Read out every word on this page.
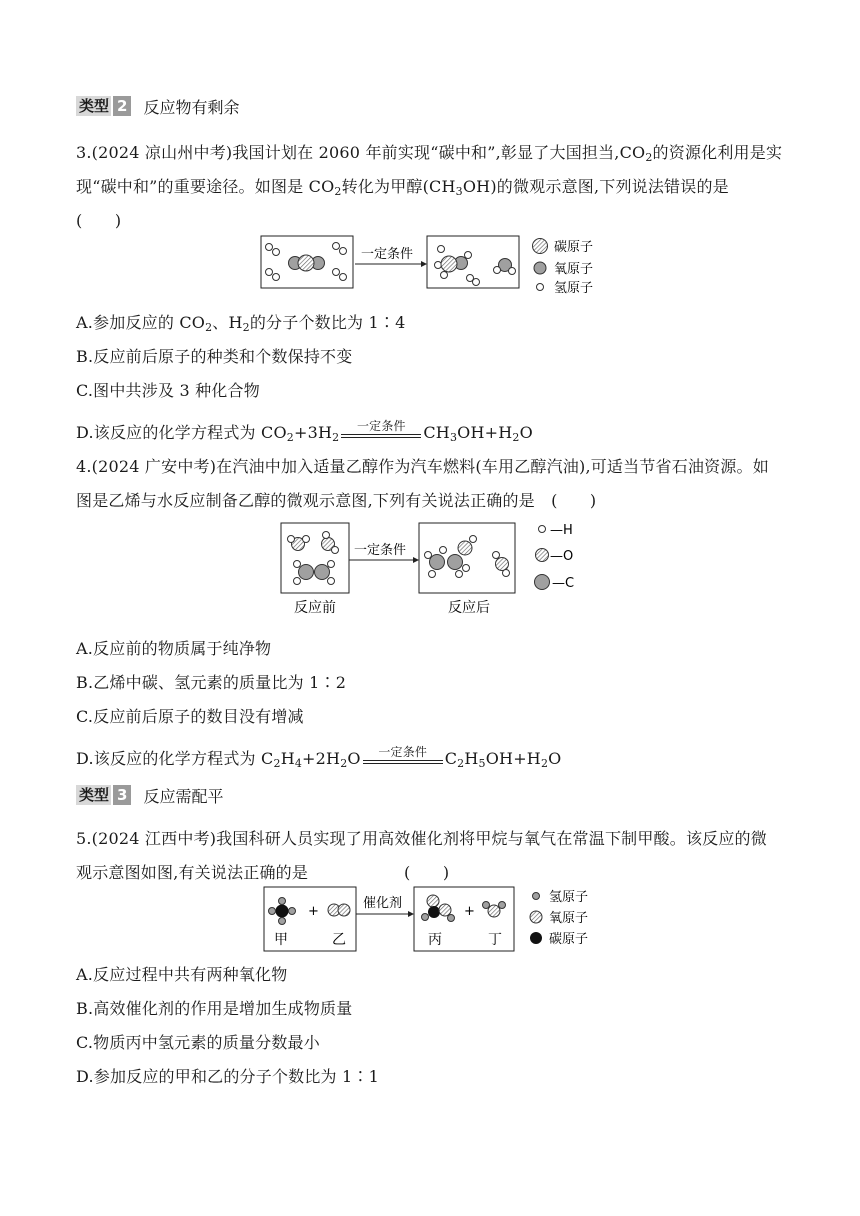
类型 2 反应物有剩余
3.(2024 凉山州中考)我国计划在 2060 年前实现“碳中和”,彰显了大国担当$,CO_2$的资源化利用是实
现“碳中和”的重要途径。如图是 $CO_2$转化为甲醇$(CH_3OH)$的微观示意图,下列说法错误的是
(　　)
一定条件	碳原子
氧原子
氢原子
A.参加反应的 $CO_2$、$H_2$的分子个数比为 1∶4
B.反应前后原子的种类和个数保持不变
C.图中共涉及 3 种化合物
D.该反应的化学方程式为 $CO_2+3H_2$
一定条件	$CH_3OH+H_2O$
4.(2024 广安中考)在汽油中加入适量乙醇作为汽车燃料(车用乙醇汽油),可适当节省石油资源。如
图是乙烯与水反应制备乙醇的微观示意图,下列有关说法正确的是　(　　)
一定条件
反应前	反应后
—H
—O
—C
A.反应前的物质属于纯净物
B.乙烯中碳、氢元素的质量比为 1∶2
C.反应前后原子的数目没有增减
D.该反应的化学方程式为 $C_2H_4+2H_2O$	一定条件	$C_2H_5OH+H_2O$
类型 3 反应需配平
5.(2024 江西中考)我国科研人员实现了用高效催化剂将甲烷与氧气在常温下制甲酸。该反应的微
观示意图如图,有关说法正确的是	(　　)
+
甲	乙
催化剂
+
丙	丁
氢原子
氧原子
碳原子
A.反应过程中共有两种氧化物
B.高效催化剂的作用是增加生成物质量
C.物质丙中氢元素的质量分数最小
D.参加反应的甲和乙的分子个数比为 1∶1
